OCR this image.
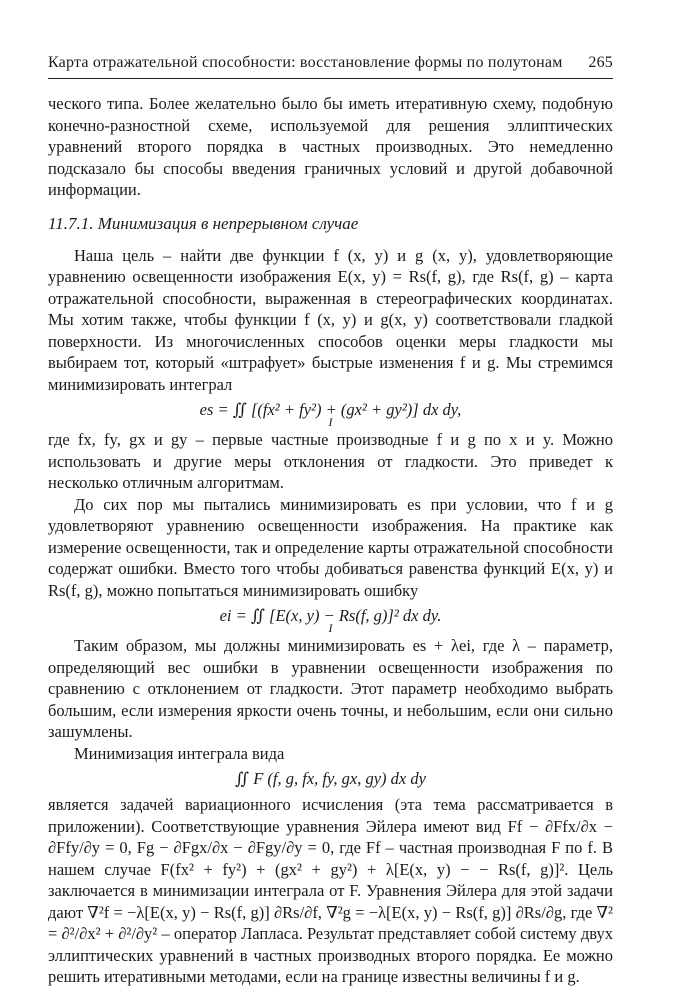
Карта отражательной способности: восстановление формы по полутонам 265

ческого типа. Более желательно было бы иметь итеративную схему, подобную конечно-разностной схеме, используемой для решения эллиптических уравнений второго порядка в частных производных. Это немедленно подсказало бы способы введения граничных условий и другой добавочной информации.

11.7.1. Минимизация в непрерывном случае

Наша цель – найти две функции f (x, y) и g (x, y), удовлетворяющие уравнению освещенности изображения E(x, y) = Rs(f, g), где Rs(f, g) – карта отражательной способности, выраженная в стереографических координатах. Мы хотим также, чтобы функции f (x, y) и g(x, y) соответствовали гладкой поверхности. Из многочисленных способов оценки меры гладкости мы выбираем тот, который «штрафует» быстрые изменения f и g. Мы стремимся минимизировать интеграл

es = ∬ [(fx² + fy²) + (gx² + gy²)] dx dy,
I

где fx, fy, gx и gy – первые частные производные f и g по x и y. Можно использовать и другие меры отклонения от гладкости. Это приведет к несколько отличным алгоритмам.

До сих пор мы пытались минимизировать es при условии, что f и g удовлетворяют уравнению освещенности изображения. На практике как измерение освещенности, так и определение карты отражательной способности содержат ошибки. Вместо того чтобы добиваться равенства функций E(x, y) и Rs(f, g), можно попытаться минимизировать ошибку

ei = ∬ [E(x, y) − Rs(f, g)]² dx dy.
I

Таким образом, мы должны минимизировать es + λei, где λ – параметр, определяющий вес ошибки в уравнении освещенности изображения по сравнению с отклонением от гладкости. Этот параметр необходимо выбрать большим, если измерения яркости очень точны, и небольшим, если они сильно зашумлены.

Минимизация интеграла вида

∬ F (f, g, fx, fy, gx, gy) dx dy

является задачей вариационного исчисления (эта тема рассматривается в приложении). Соответствующие уравнения Эйлера имеют вид Ff − ∂Ffx/∂x − ∂Ffy/∂y = 0, Fg − ∂Fgx/∂x − ∂Fgy/∂y = 0, где Ff – частная производная F по f. В нашем случае F(fx² + fy²) + (gx² + gy²) + λ[E(x, y) − − Rs(f, g)]². Цель заключается в минимизации интеграла от F. Уравнения Эйлера для этой задачи дают ∇²f = −λ[E(x, y) − Rs(f, g)] ∂Rs/∂f, ∇²g = −λ[E(x, y) − Rs(f, g)] ∂Rs/∂g, где ∇² = ∂²/∂x² + ∂²/∂y² – оператор Лапласа. Результат представляет собой систему двух эллиптических уравнений в частных производных второго порядка. Ее можно решить итеративными методами, если на границе известны величины f и g.
